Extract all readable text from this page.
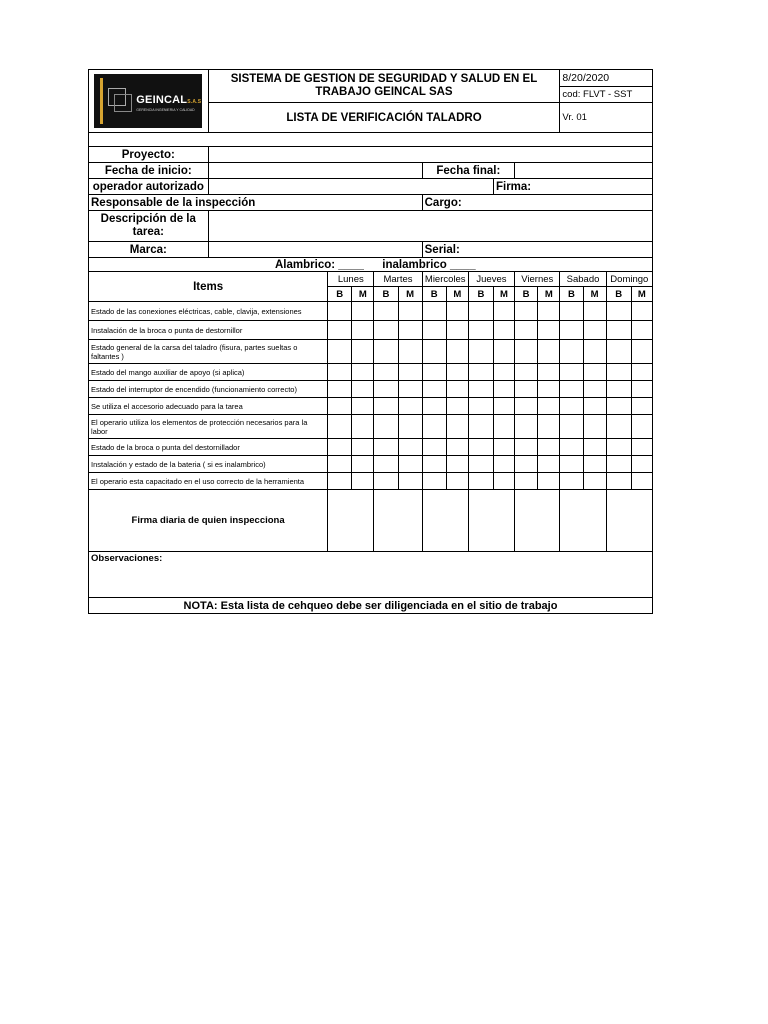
GEINCALS.A.S
GERENCIA INGENIERIA Y CALIDAD	SISTEMA DE GESTION DE SEGURIDAD Y SALUD EN EL TRABAJO GEINCAL SAS											8/20/2020			
												cod: FLVT - SST			
	LISTA DE VERIFICACIÓN TALADRO											Vr. 01			

Proyecto:															
Fecha de inicio:						Fecha final:									
operador autorizado									Firma:						
Responsable de la inspección						Cargo:									
Descripción de la tarea:															
Marca:						Serial:									
Alambrico: ____ inalambrico ____															
Items		Lunes		Martes		Miercoles		Jueves		Viernes		Sabado		Domingo	
		B	M	B	M	B	M	B	M	B	M	B	M	B	M
Estado de las conexiones eléctricas, cable, clavija, extensiones															
Instalación de la broca o punta de destornillor															
Estado general de la carsa del taladro (fisura, partes sueltas o faltantes )															
Estado del mango auxiliar de apoyo (si aplica)															
Estado del interruptor de encendido (funcionamiento correcto)															
Se utiliza el accesorio adecuado para la tarea															
El operario utiliza los elementos de protección necesarios para la labor															
Estado de la broca o punta del destornillador															
Instalación y estado de la bateria ( si es inalambrico)															
El operario esta capacitado en el uso correcto de la herramienta															
Firma diaria de quien inspecciona															
Observaciones:															
NOTA: Esta lista de cehqueo debe ser diligenciada en el sitio de trabajo															
